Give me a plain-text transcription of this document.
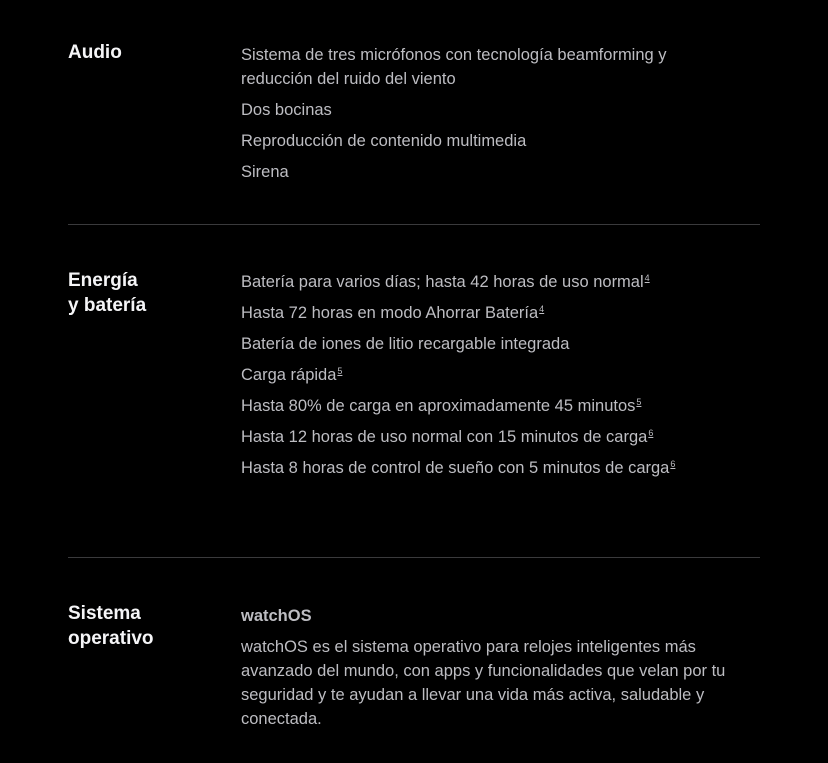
Audio	Sistema de tres micrófonos con tecnología beamforming y reducción del ruido del viento

Dos bocinas

Reproducción de contenido multimedia

Sirena

Energía
y batería

Batería para varios días; hasta 42 horas de uso normal$^4$

Hasta 72 horas en modo Ahorrar Batería$^4$

Batería de iones de litio recargable integrada

Carga rápida$^5$

Hasta 80% de carga en aproximadamente 45 minutos$^5$

Hasta 12 horas de uso normal con 15 minutos de carga$^6$

Hasta 8 horas de control de sueño con 5 minutos de carga$^6$

Sistema
operativo

watchOS

watchOS es el sistema operativo para relojes inteligentes más avanzado del mundo, con apps y funcionalidades que velan por tu seguridad y te ayudan a llevar una vida más activa, saludable y conectada.
